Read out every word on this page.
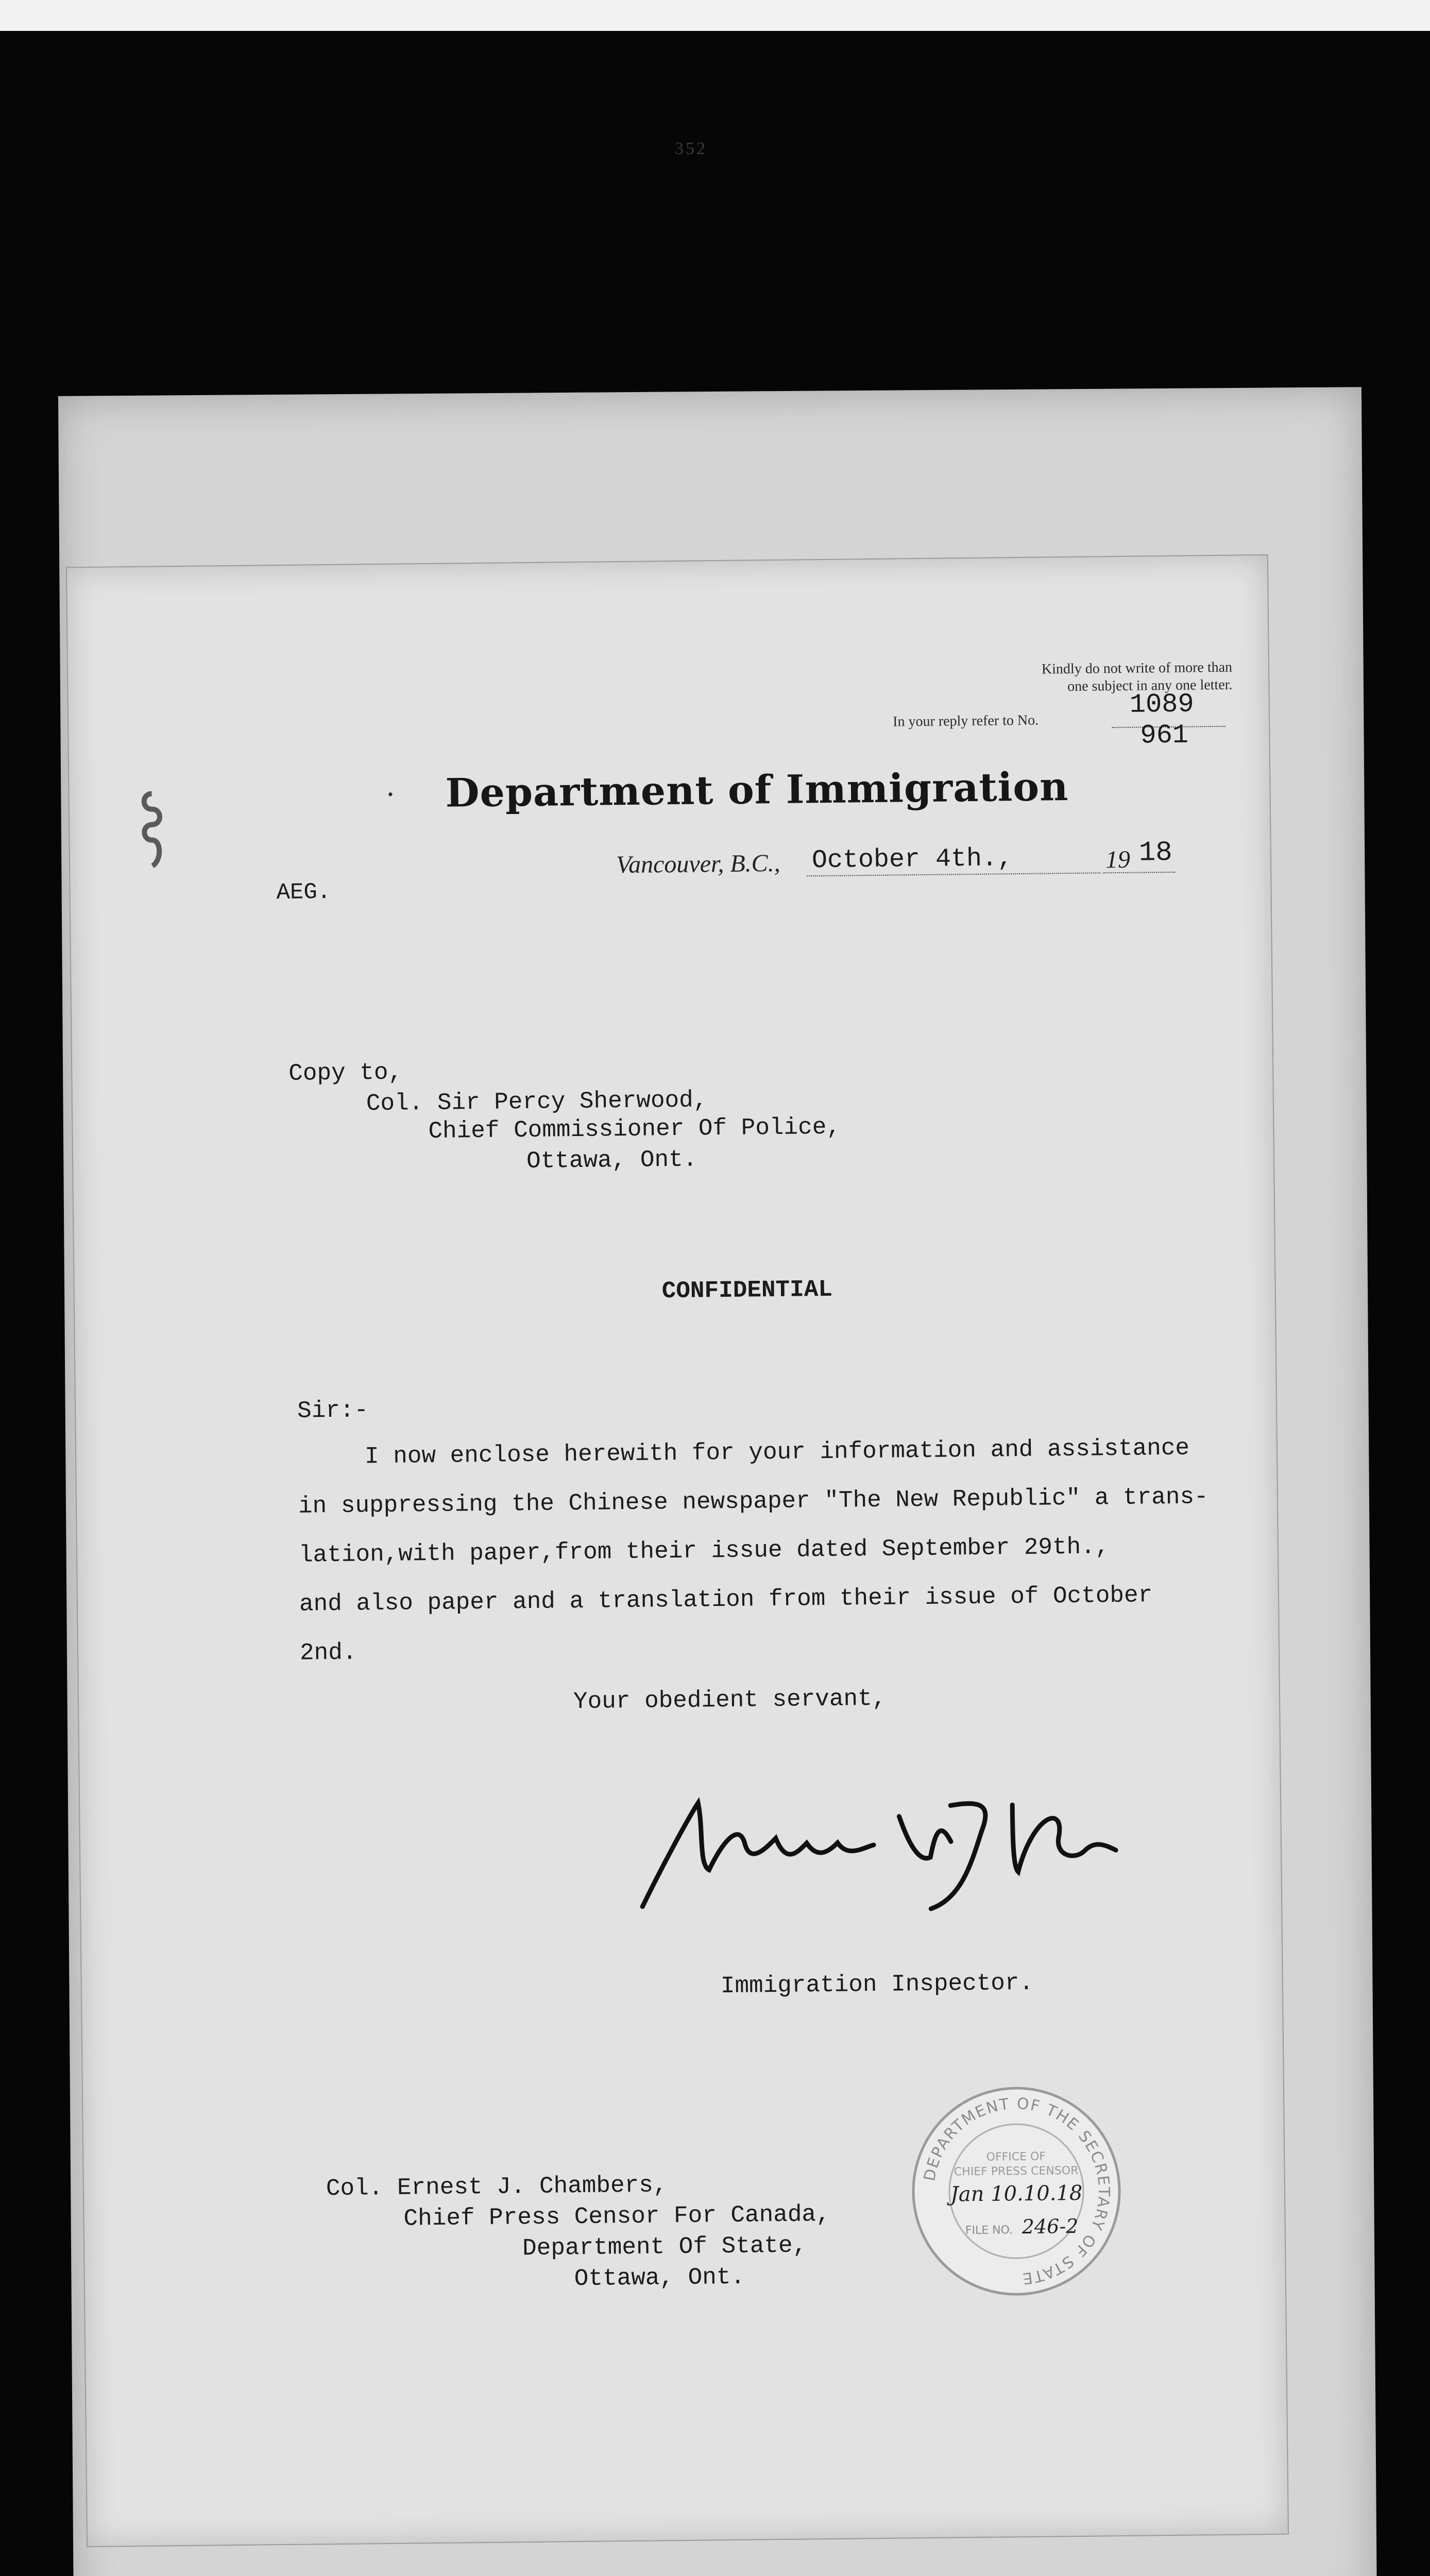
352
Kindly do not write of more than
one subject in any one letter.
In your reply refer to No.
1089
961
• Department of Immigration
AEG.
Vancouver, B.C., October 4th.,	19 18
Copy to,
Col. Sir Percy Sherwood,
Chief Commissioner Of Police,
Ottawa, Ont.
CONFIDENTIAL
Sir:-
I now enclose herewith for your information and assistance
in suppressing the Chinese newspaper "The New Republic" a trans-
lation,with paper,from their issue dated September 29th.,
and also paper and a translation from their issue of October
2nd.
Your obedient servant,
Immigration Inspector.
DEPARTMENT OF THE SECRETARY OF STATE
OFFICE OF
CHIEF PRESS CENSOR
Jan 10.10.18
FILE NO. 246-2
Col. Ernest J. Chambers,
Chief Press Censor For Canada,
Department Of State,
Ottawa, Ont.
